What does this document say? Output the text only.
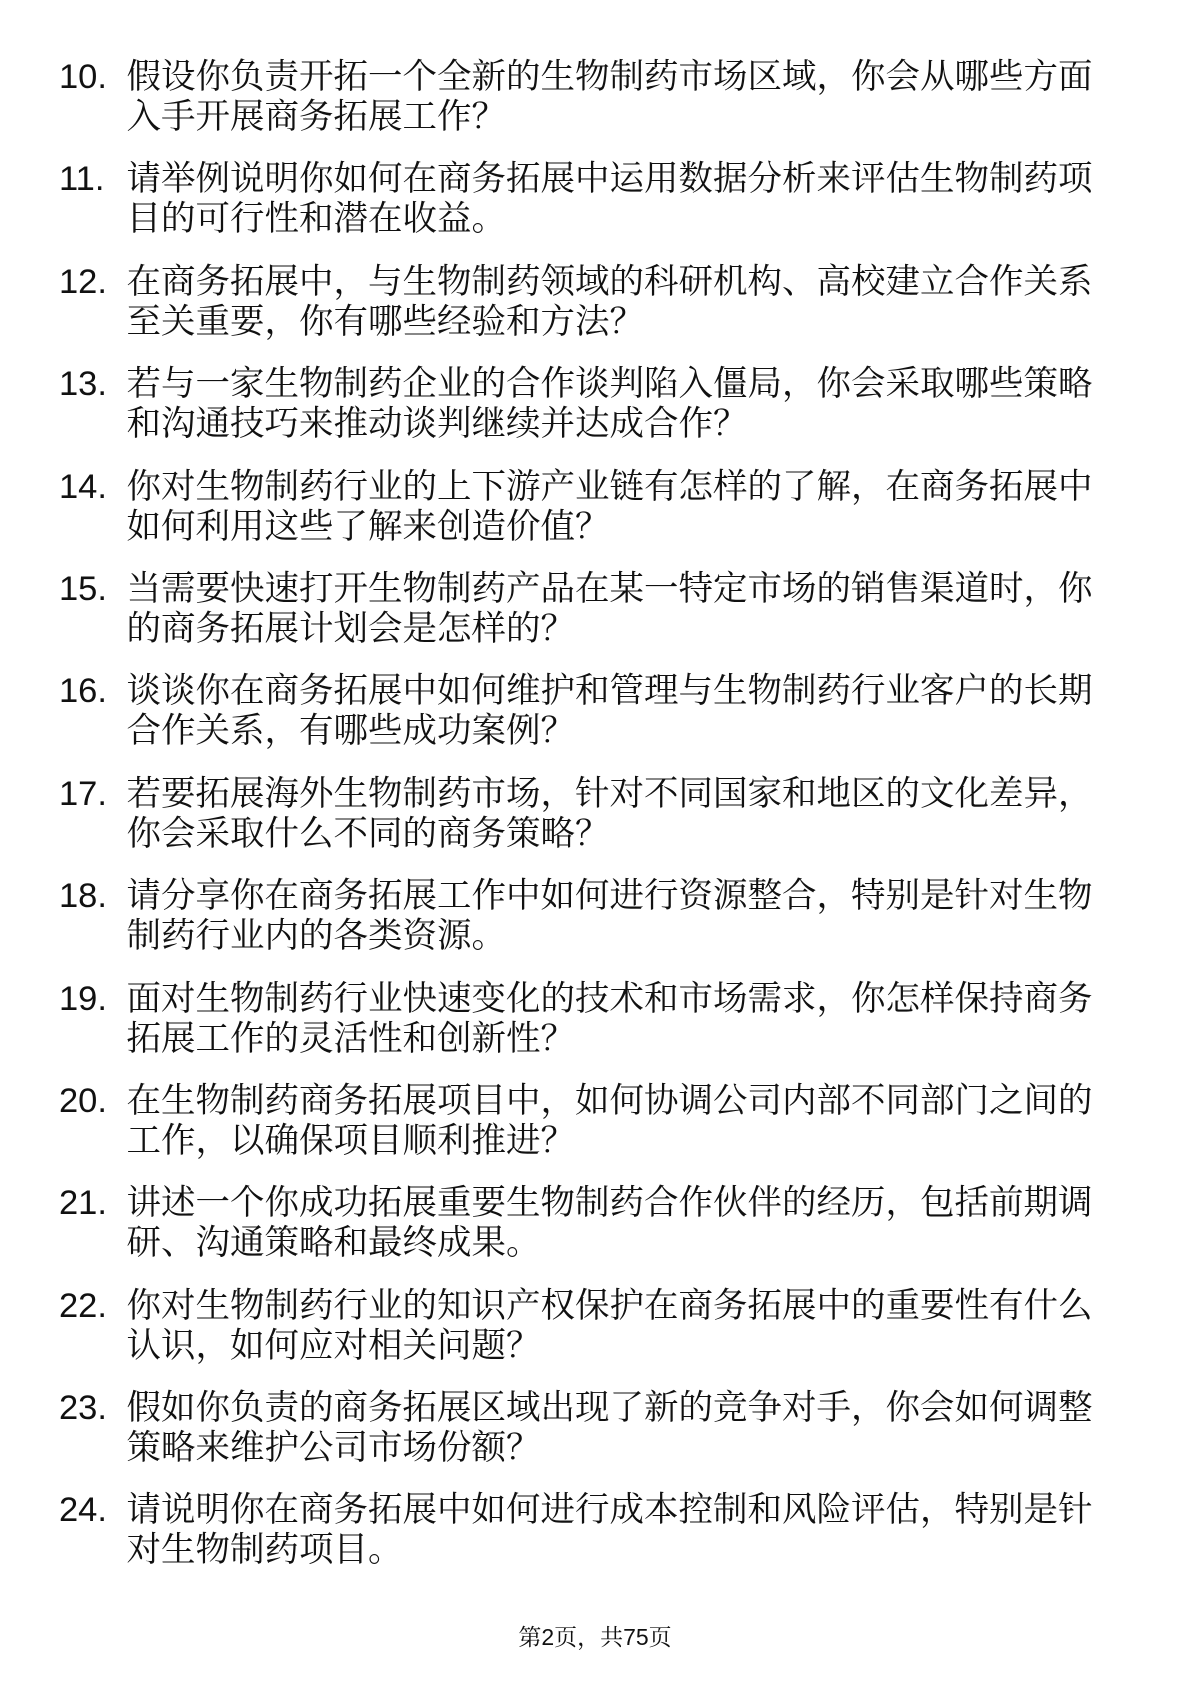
10. 假设你负责开拓一个全新的生物制药市场区域，你会从哪些方面
入手开展商务拓展工作？
11. 请举例说明你如何在商务拓展中运用数据分析来评估生物制药项
目的可行性和潜在收益。
12. 在商务拓展中，与生物制药领域的科研机构、高校建立合作关系
至关重要，你有哪些经验和方法？
13. 若与一家生物制药企业的合作谈判陷入僵局，你会采取哪些策略
和沟通技巧来推动谈判继续并达成合作？
14. 你对生物制药行业的上下游产业链有怎样的了解，在商务拓展中
如何利用这些了解来创造价值？
15. 当需要快速打开生物制药产品在某一特定市场的销售渠道时，你
的商务拓展计划会是怎样的？
16. 谈谈你在商务拓展中如何维护和管理与生物制药行业客户的长期
合作关系，有哪些成功案例？
17. 若要拓展海外生物制药市场，针对不同国家和地区的文化差异，
你会采取什么不同的商务策略？
18. 请分享你在商务拓展工作中如何进行资源整合，特别是针对生物
制药行业内的各类资源。
19. 面对生物制药行业快速变化的技术和市场需求，你怎样保持商务
拓展工作的灵活性和创新性？
20. 在生物制药商务拓展项目中，如何协调公司内部不同部门之间的
工作，以确保项目顺利推进？
21. 讲述一个你成功拓展重要生物制药合作伙伴的经历，包括前期调
研、沟通策略和最终成果。
22. 你对生物制药行业的知识产权保护在商务拓展中的重要性有什么
认识，如何应对相关问题？
23. 假如你负责的商务拓展区域出现了新的竞争对手，你会如何调整
策略来维护公司市场份额？
24. 请说明你在商务拓展中如何进行成本控制和风险评估，特别是针
对生物制药项目。
第2页，共75页
